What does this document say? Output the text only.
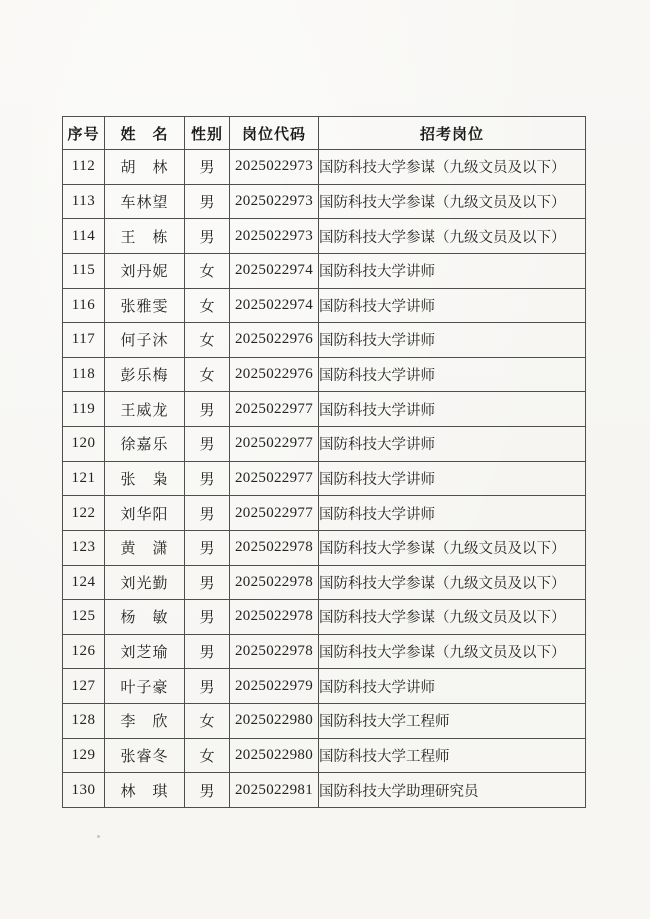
序号	姓　名	性别	岗位代码	招考岗位
112	胡　林	男	2025022973	国防科技大学参谋（九级文员及以下）
113	车林望	男	2025022973	国防科技大学参谋（九级文员及以下）
114	王　栋	男	2025022973	国防科技大学参谋（九级文员及以下）
115	刘丹妮	女	2025022974	国防科技大学讲师
116	张雅雯	女	2025022974	国防科技大学讲师
117	何子沐	女	2025022976	国防科技大学讲师
118	彭乐梅	女	2025022976	国防科技大学讲师
119	王威龙	男	2025022977	国防科技大学讲师
120	徐嘉乐	男	2025022977	国防科技大学讲师
121	张　枭	男	2025022977	国防科技大学讲师
122	刘华阳	男	2025022977	国防科技大学讲师
123	黄　潇	男	2025022978	国防科技大学参谋（九级文员及以下）
124	刘光勤	男	2025022978	国防科技大学参谋（九级文员及以下）
125	杨　敏	男	2025022978	国防科技大学参谋（九级文员及以下）
126	刘芝瑜	男	2025022978	国防科技大学参谋（九级文员及以下）
127	叶子豪	男	2025022979	国防科技大学讲师
128	李　欣	女	2025022980	国防科技大学工程师
129	张睿冬	女	2025022980	国防科技大学工程师
130	林　琪	男	2025022981	国防科技大学助理研究员
